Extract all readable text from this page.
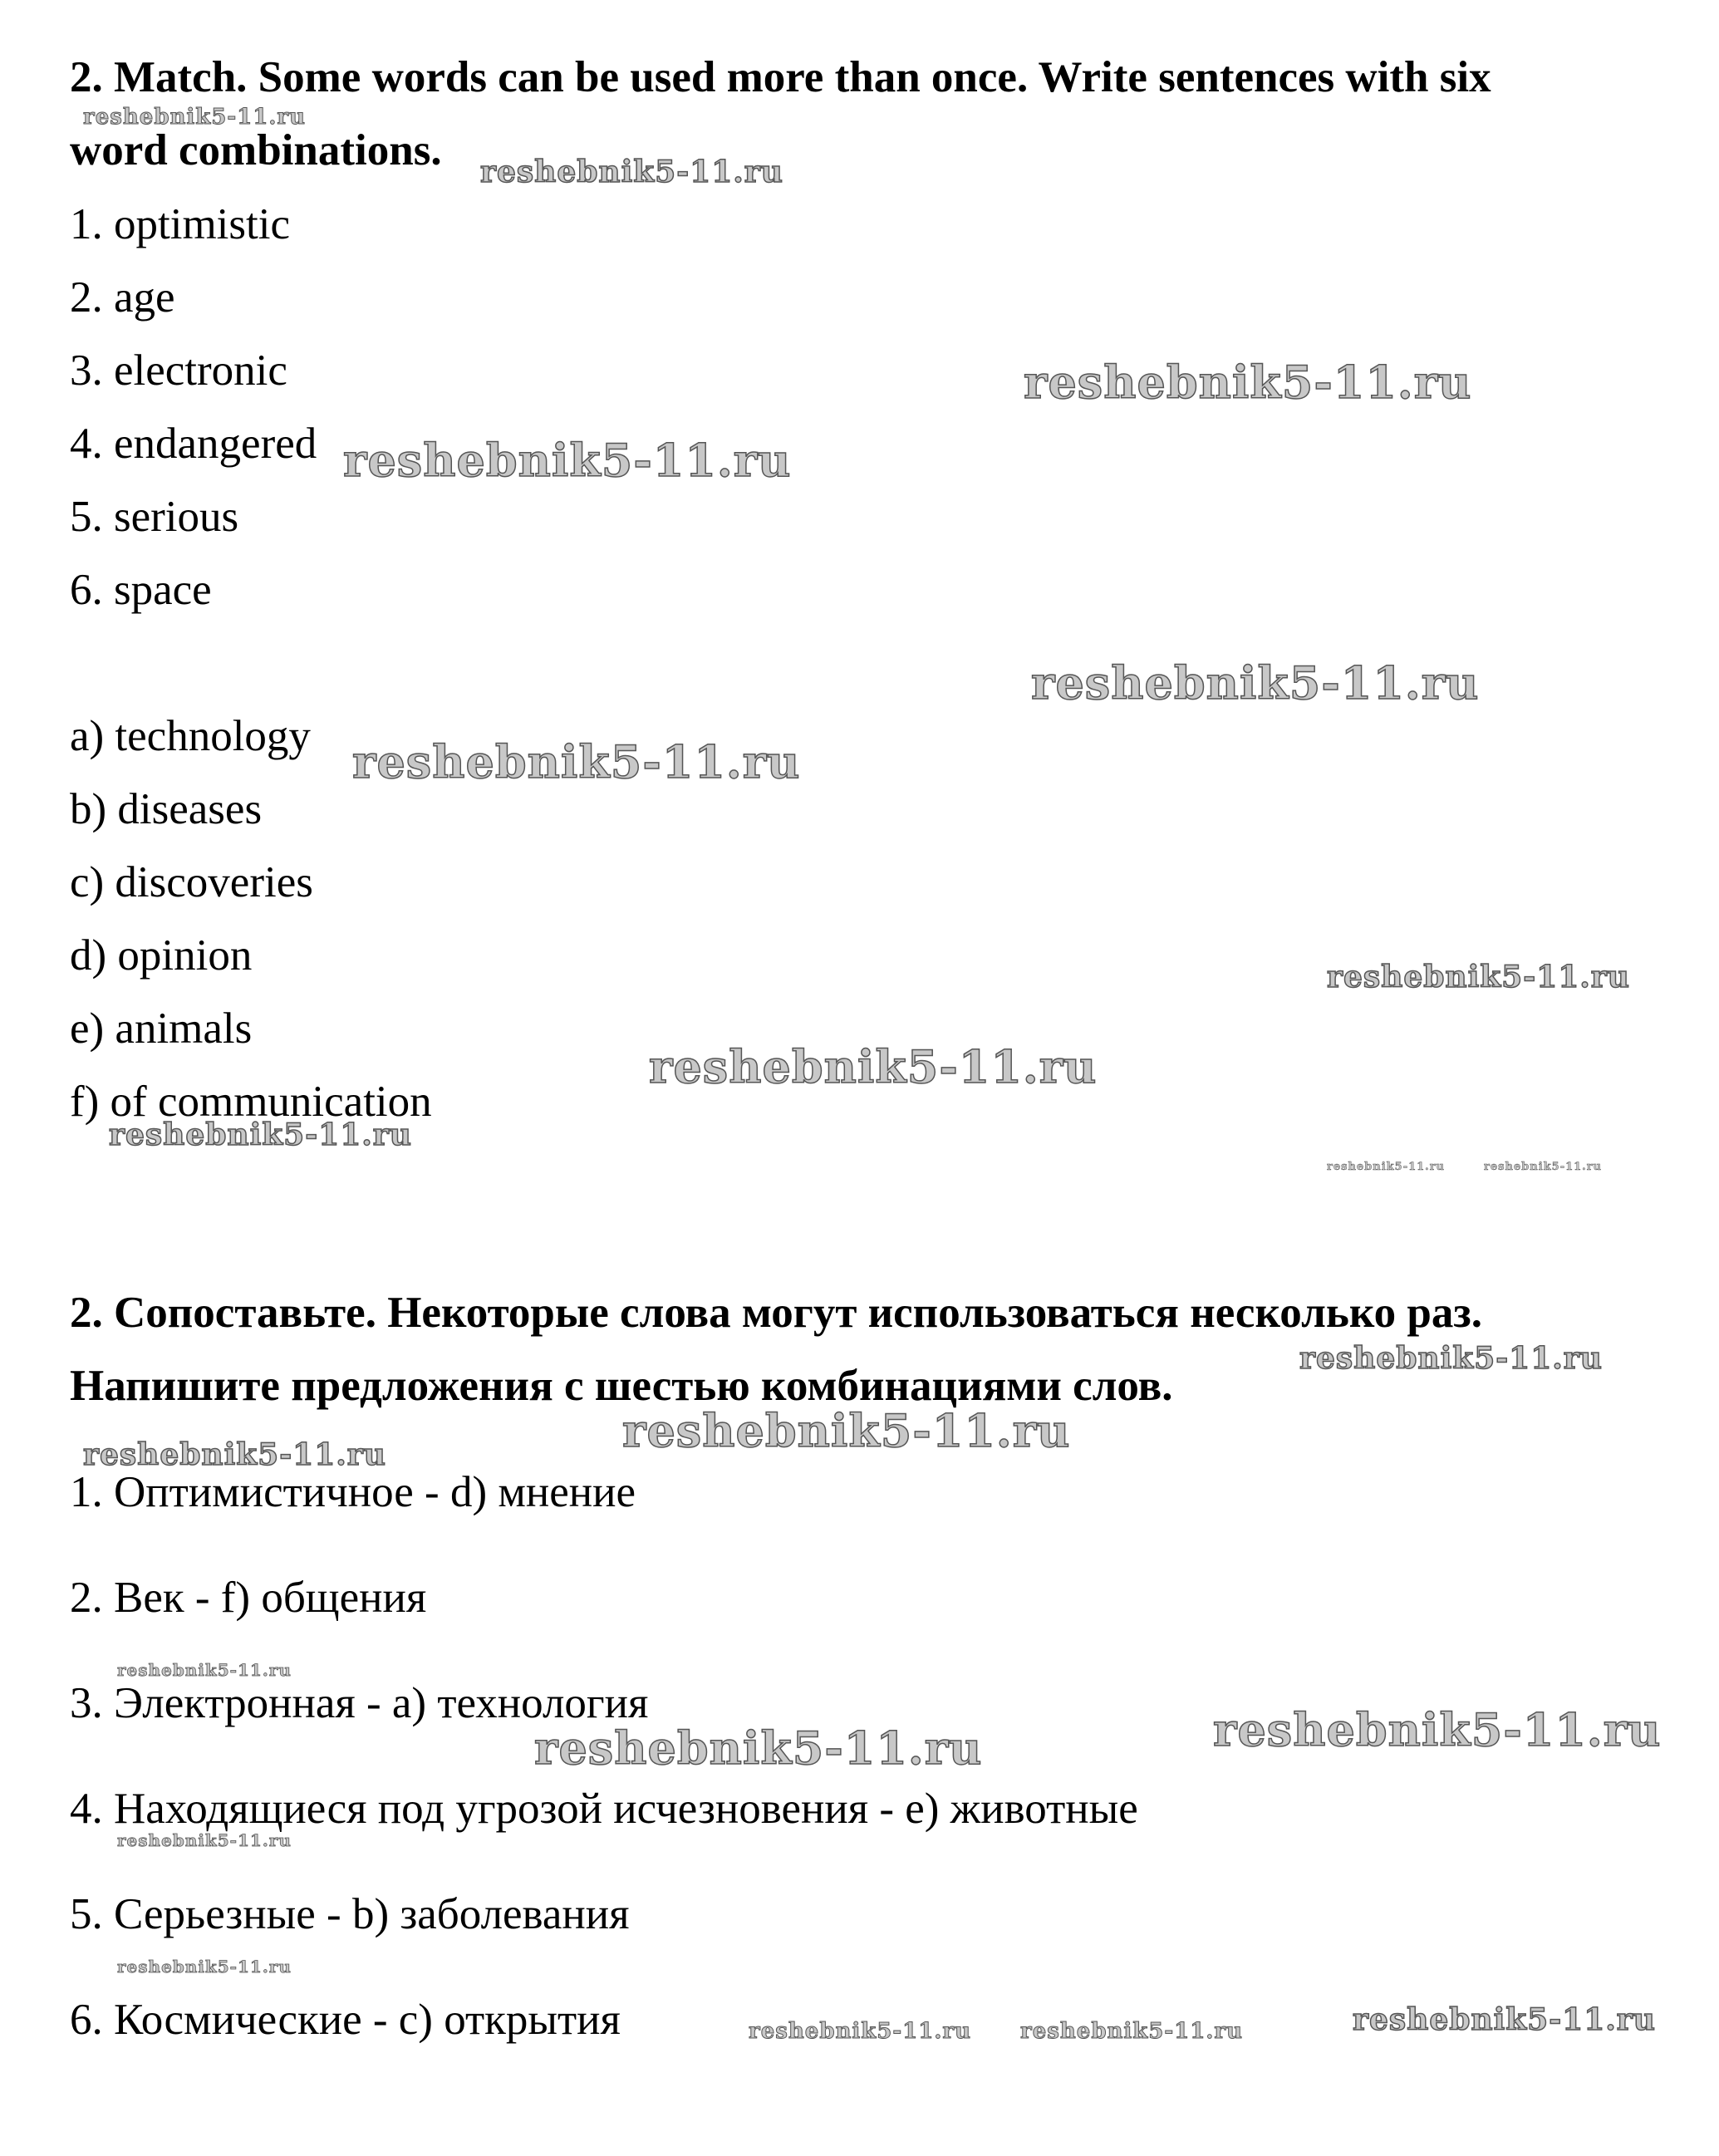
2. Match. Some words can be used more than once. Write sentences with six

word combinations.

1. optimistic

2. age

3. electronic

4. endangered

5. serious

6. space

a) technology

b) diseases

c) discoveries

d) opinion

e) animals

f) of communication

2. Сопоставьте. Некоторые слова могут использоваться несколько раз.

Напишите предложения с шестью комбинациями слов.

1. Оптимистичное - d) мнение

2. Век - f) общения

3. Электронная - a) технология

4. Находящиеся под угрозой исчезновения - e) животные

5. Серьезные - b) заболевания

6. Космические - c) открытия

reshebnik5-11.ru
reshebnik5-11.ru
reshebnik5-11.ru
reshebnik5-11.ru
reshebnik5-11.ru
reshebnik5-11.ru
reshebnik5-11.ru
reshebnik5-11.ru
reshebnik5-11.ru
reshebnik5-11.ru	reshebnik5-11.ru
reshebnik5-11.ru
reshebnik5-11.ru
reshebnik5-11.ru
reshebnik5-11.ru
reshebnik5-11.ru
reshebnik5-11.ru
reshebnik5-11.ru
reshebnik5-11.ru
reshebnik5-11.ru reshebnik5-11.ru	reshebnik5-11.ru
